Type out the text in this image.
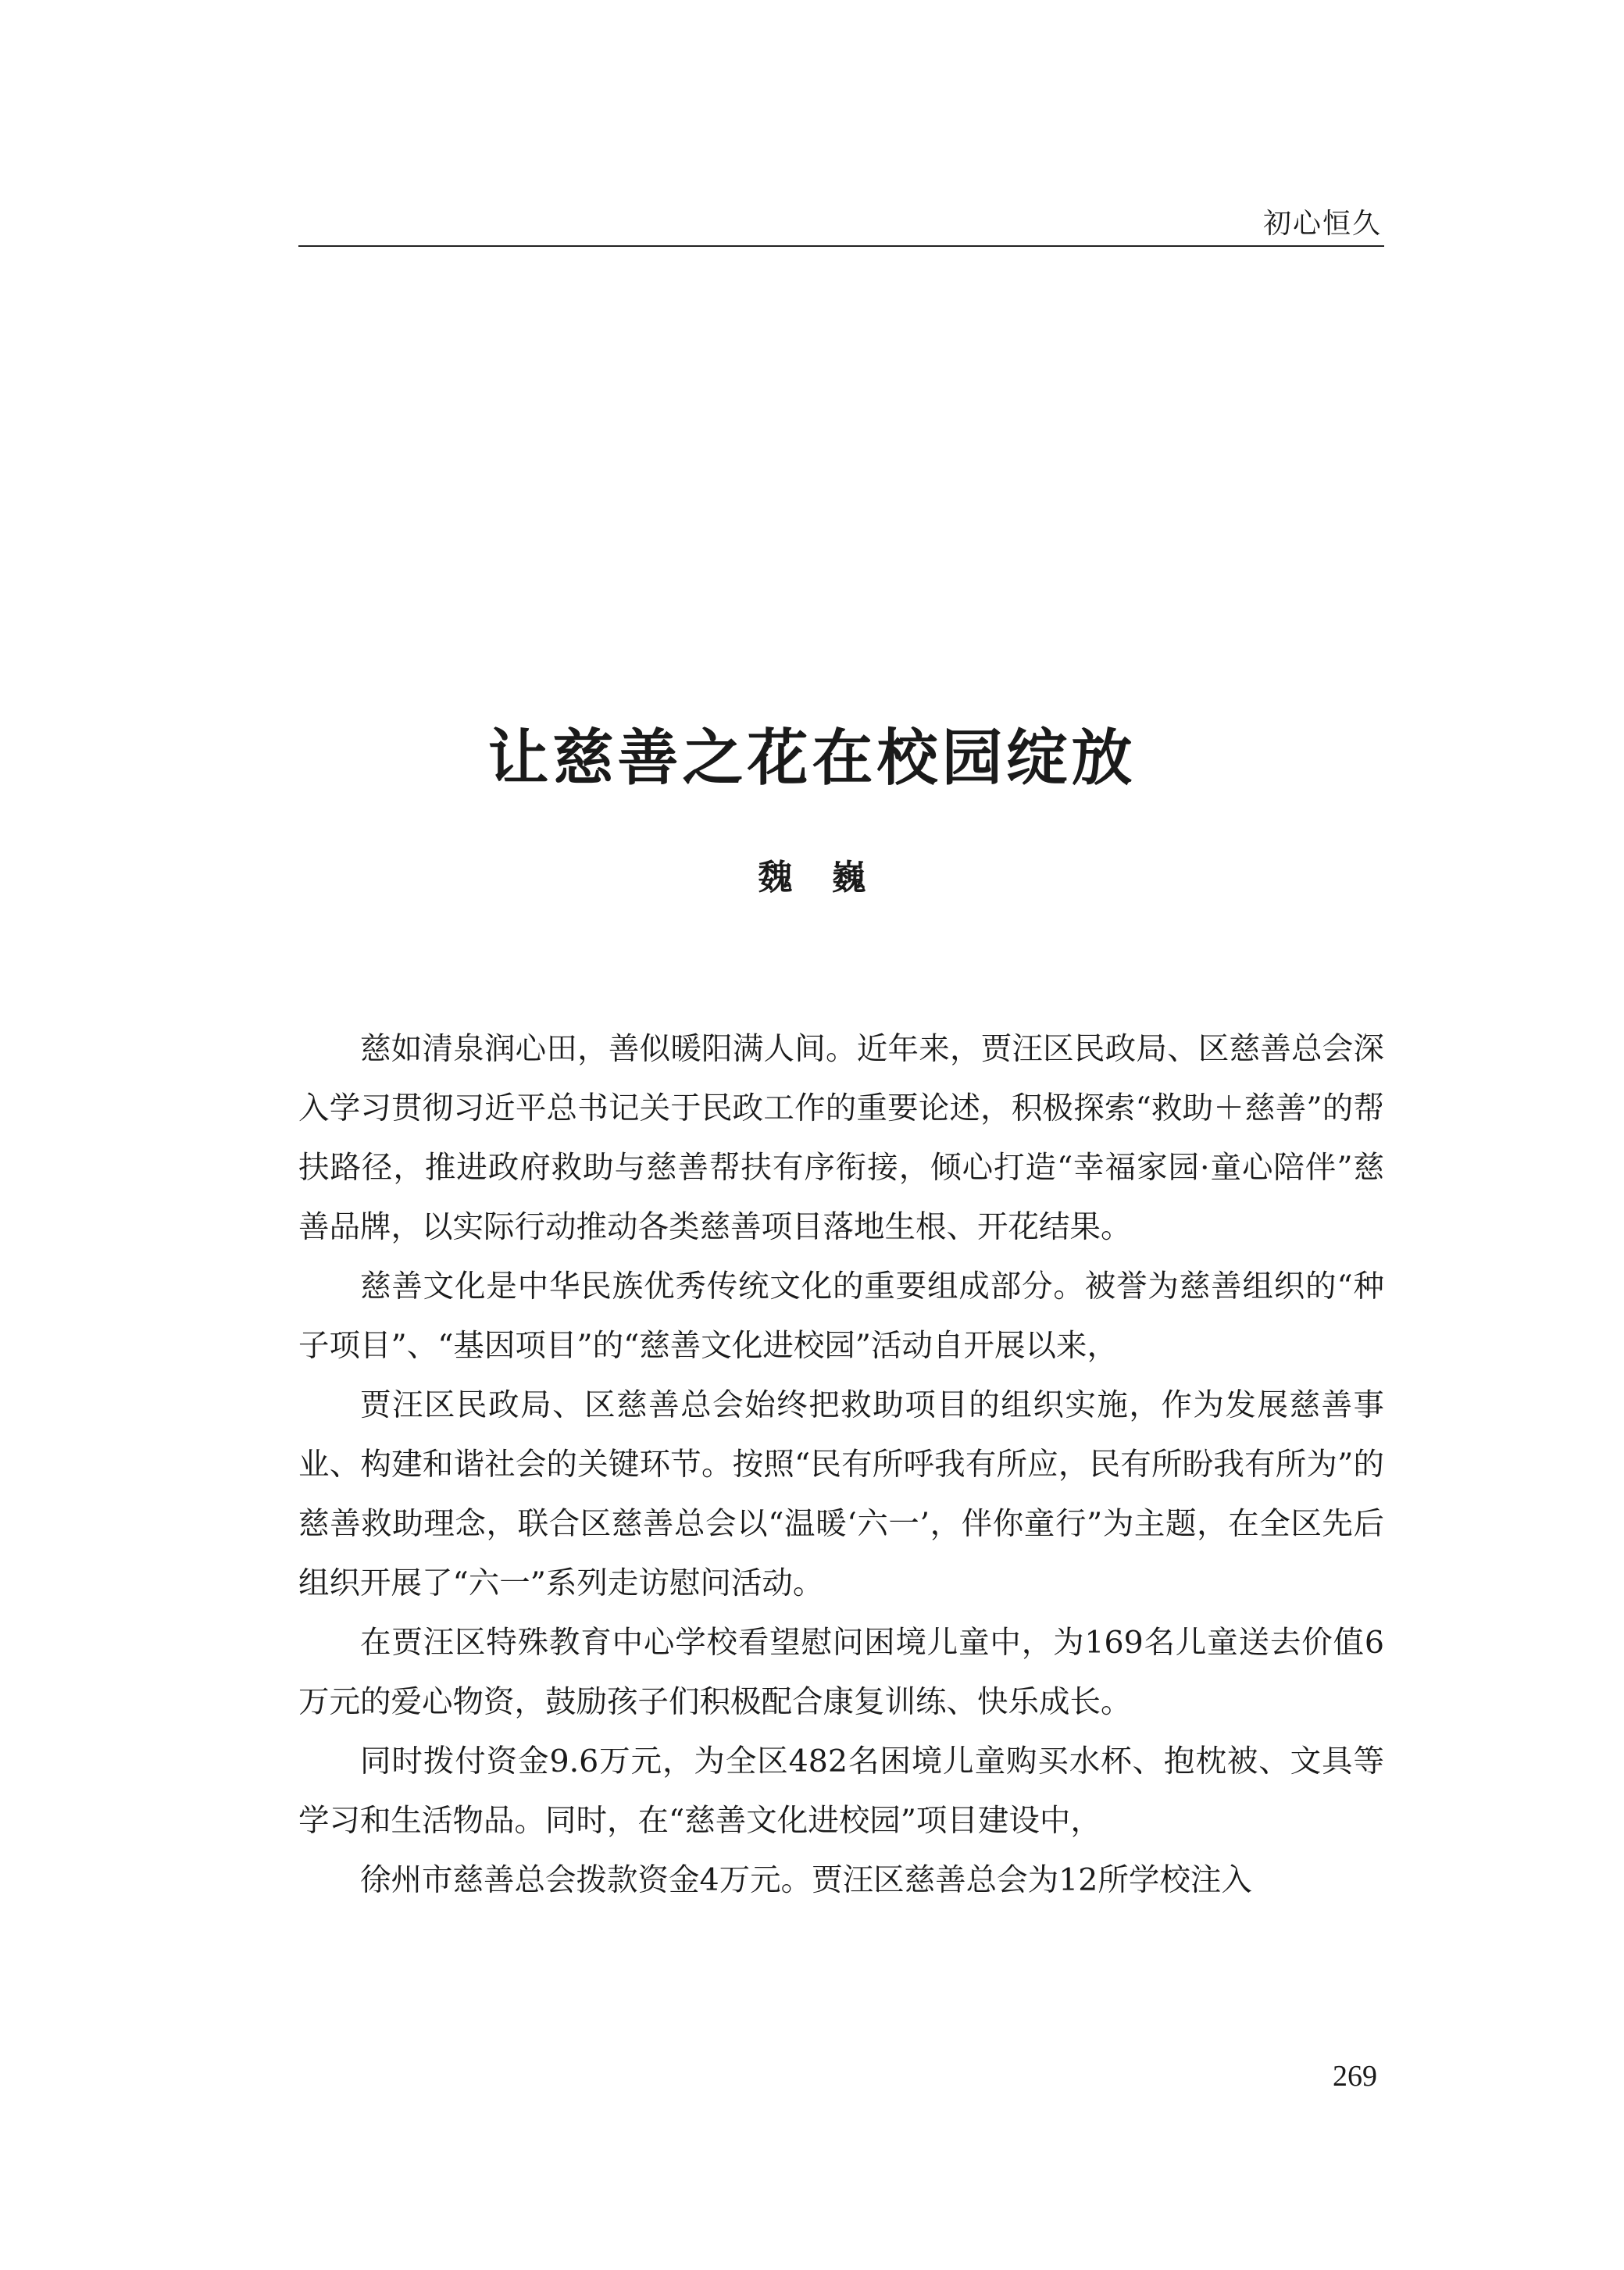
初心恒久
让慈善之花在校园绽放
魏巍

慈如清泉润心田，善似暖阳满人间。近年来，贾汪区民政局、区慈善总会深入学习贯彻习近平总书记关于民政工作的重要论述，积极探索“救助＋慈善”的帮扶路径，推进政府救助与慈善帮扶有序衔接，倾心打造“幸福家园·童心陪伴”慈善品牌，以实际行动推动各类慈善项目落地生根、开花结果。

慈善文化是中华民族优秀传统文化的重要组成部分。被誉为慈善组织的“种子项目”、“基因项目”的“慈善文化进校园”活动自开展以来，

贾汪区民政局、区慈善总会始终把救助项目的组织实施，作为发展慈善事业、构建和谐社会的关键环节。按照“民有所呼我有所应，民有所盼我有所为”的慈善救助理念，联合区慈善总会以“温暖‘六一’，伴你童行”为主题，在全区先后组织开展了“六一”系列走访慰问活动。

在贾汪区特殊教育中心学校看望慰问困境儿童中，为169名儿童送去价值6万元的爱心物资，鼓励孩子们积极配合康复训练、快乐成长。

同时拨付资金9.6万元，为全区482名困境儿童购买水杯、抱枕被、文具等学习和生活物品。同时，在“慈善文化进校园”项目建设中，

徐州市慈善总会拨款资金4万元。贾汪区慈善总会为12所学校注入

269
